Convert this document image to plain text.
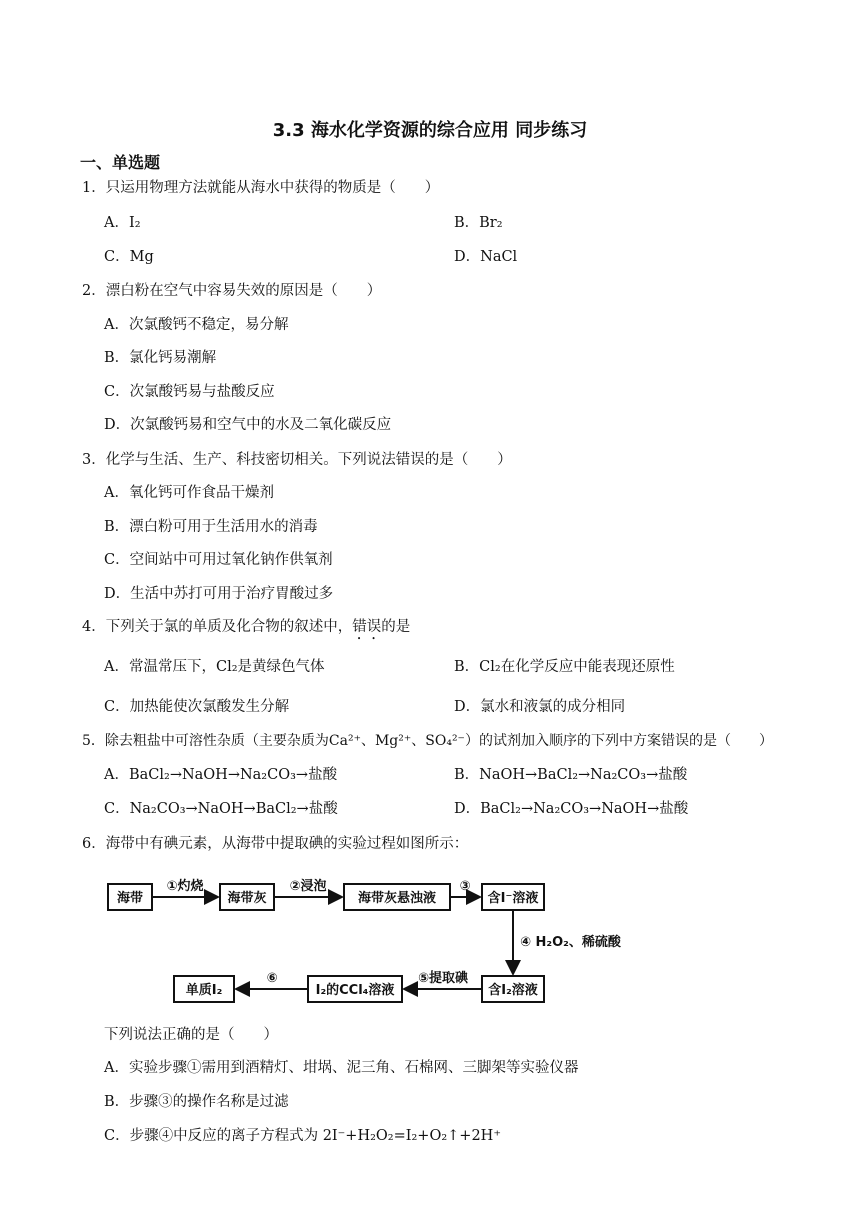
3.3 海水化学资源的综合应用 同步练习
一、单选题
1．只运用物理方法就能从海水中获得的物质是（　　）
A．I₂	B．Br₂
C．Mg	D．NaCl
2．漂白粉在空气中容易失效的原因是（　　）
A．次氯酸钙不稳定，易分解
B．氯化钙易潮解
C．次氯酸钙易与盐酸反应
D．次氯酸钙易和空气中的水及二氧化碳反应
3．化学与生活、生产、科技密切相关。下列说法错误的是（　　）
A．氧化钙可作食品干燥剂
B．漂白粉可用于生活用水的消毒
C．空间站中可用过氧化钠作供氧剂
D．生活中苏打可用于治疗胃酸过多
4．下列关于氯的单质及化合物的叙述中，错误的是
A．常温常压下，Cl₂是黄绿色气体	B．Cl₂在化学反应中能表现还原性
C．加热能使次氯酸发生分解	D．氯水和液氯的成分相同
5．除去粗盐中可溶性杂质（主要杂质为Ca²⁺、Mg²⁺、SO₄²⁻）的试剂加入顺序的下列中方案错误的是（　　）
A．BaCl₂→NaOH→Na₂CO₃→盐酸	B．NaOH→BaCl₂→Na₂CO₃→盐酸
C．Na₂CO₃→NaOH→BaCl₂→盐酸	D．BaCl₂→Na₂CO₃→NaOH→盐酸
6．海带中有碘元素，从海带中提取碘的实验过程如图所示：
海带	海带灰	海带灰悬浊液	含I⁻溶液
含I₂溶液
I₂的CCl₄溶液
单质I₂
①灼烧	②浸泡	③
④ H₂O₂、稀硫酸
⑤提取碘
⑥
下列说法正确的是（　　）
A．实验步骤①需用到酒精灯、坩埚、泥三角、石棉网、三脚架等实验仪器
B．步骤③的操作名称是过滤
C．步骤④中反应的离子方程式为 2I⁻+H₂O₂=I₂+O₂↑+2H⁺
